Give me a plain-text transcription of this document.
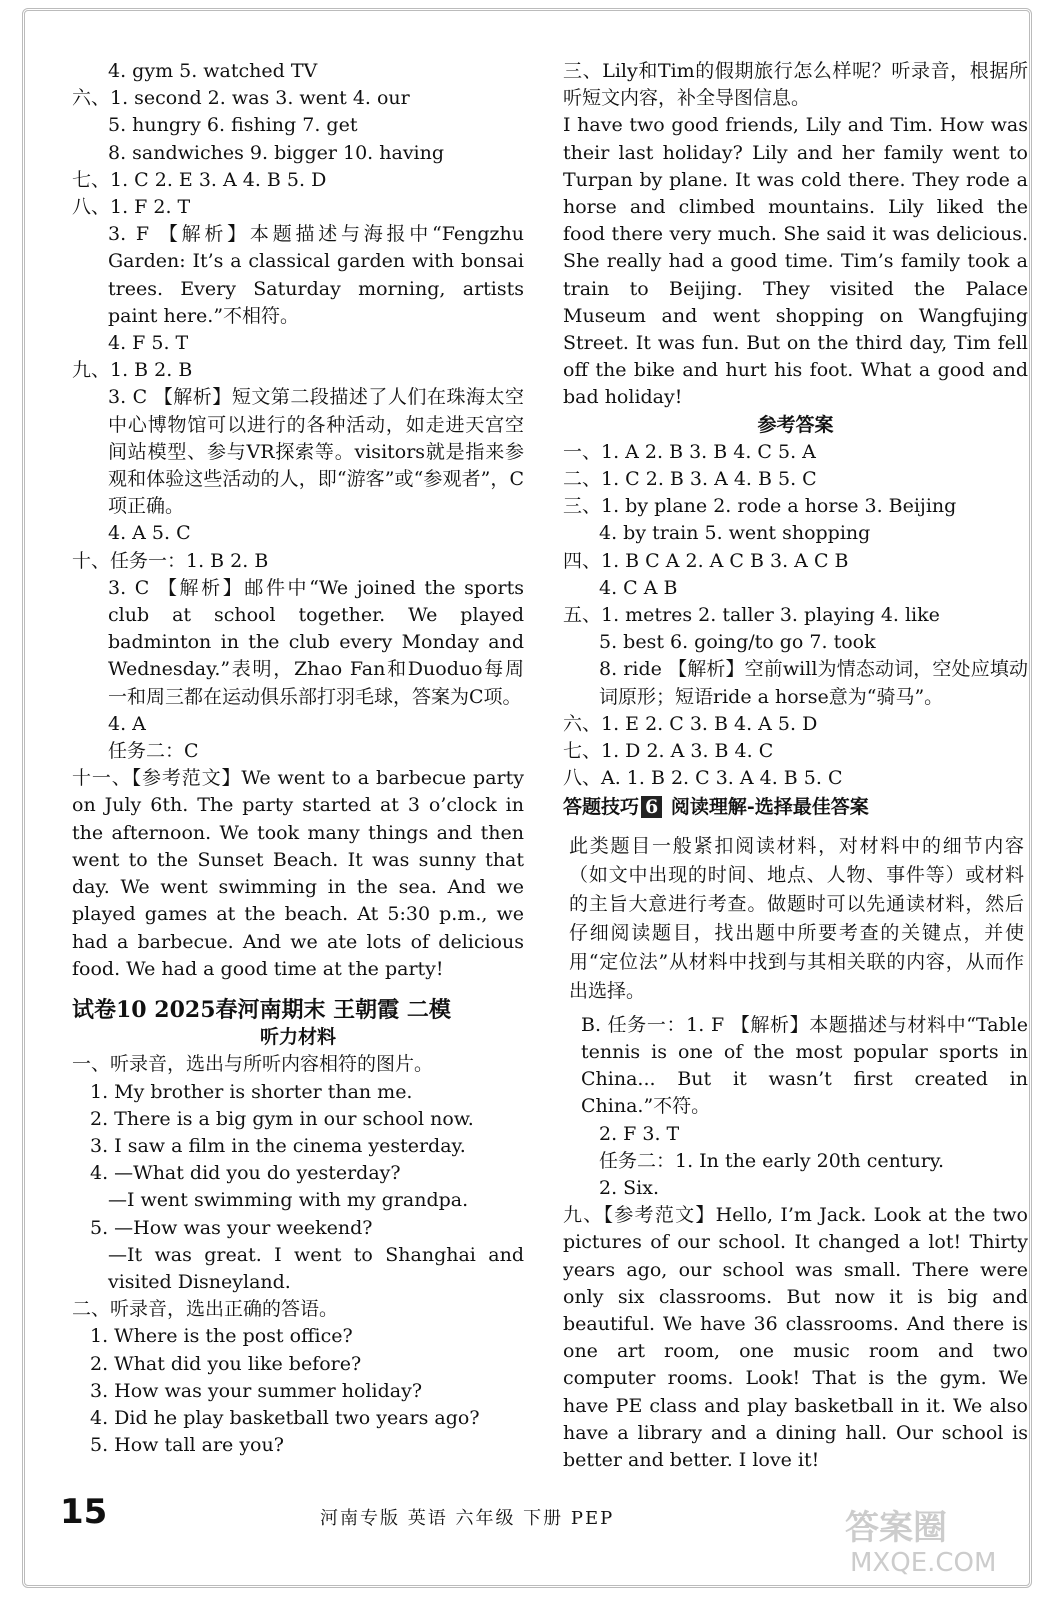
4. gym 5. watched TV
六、1. second 2. was 3. went 4. our
5. hungry 6. fishing 7. get
8. sandwiches 9. bigger 10. having
七、1. C 2. E 3. A 4. B 5. D
八、1. F 2. T
3. F 【解析】本题描述与海报中“Fengzhu Garden: It’s a classical garden with bonsai trees. Every Saturday morning, artists paint here.”不相符。
4. F 5. T
九、1. B 2. B
3. C 【解析】短文第二段描述了人们在珠海太空中心博物馆可以进行的各种活动，如走进天宫空间站模型、参与VR探索等。visitors就是指来参观和体验这些活动的人，即“游客”或“参观者”，C项正确。
4. A 5. C
十、任务一：1. B 2. B
3. C 【解析】邮件中“We joined the sports club at school together. We played badminton in the club every Monday and Wednesday.”表明，Zhao Fan和Duoduo每周一和周三都在运动俱乐部打羽毛球，答案为C项。
4. A
任务二：C
十一、【参考范文】We went to a barbecue party on July 6th. The party started at 3 o’clock in the afternoon. We took many things and then went to the Sunset Beach. It was sunny that day. We went swimming in the sea. And we played games at the beach. At 5:30 p.m., we had a barbecue. And we ate lots of delicious food. We had a good time at the party!
试卷10 2025春河南期末 王朝霞 二模
听力材料
一、听录音，选出与所听内容相符的图片。
1. My brother is shorter than me.
2. There is a big gym in our school now.
3. I saw a film in the cinema yesterday.
4. —What did you do yesterday?
—I went swimming with my grandpa.
5. —How was your weekend?
—It was great. I went to Shanghai and visited Disneyland.
二、听录音，选出正确的答语。
1. Where is the post office?
2. What did you like before?
3. How was your summer holiday?
4. Did he play basketball two years ago?
5. How tall are you?
三、Lily和Tim的假期旅行怎么样呢？听录音，根据所听短文内容，补全导图信息。
I have two good friends, Lily and Tim. How was their last holiday? Lily and her family went to Turpan by plane. It was cold there. They rode a horse and climbed mountains. Lily liked the food there very much. She said it was delicious. She really had a good time. Tim’s family took a train to Beijing. They visited the Palace Museum and went shopping on Wangfujing Street. It was fun. But on the third day, Tim fell off the bike and hurt his foot. What a good and bad holiday!
参考答案
一、1. A 2. B 3. B 4. C 5. A
二、1. C 2. B 3. A 4. B 5. C
三、1. by plane 2. rode a horse 3. Beijing
4. by train 5. went shopping
四、1. B C A 2. A C B 3. A C B
4. C A B
五、1. metres 2. taller 3. playing 4. like
5. best 6. going/to go 7. took
8. ride 【解析】空前will为情态动词，空处应填动词原形；短语ride a horse意为“骑马”。
六、1. E 2. C 3. B 4. A 5. D
七、1. D 2. A 3. B 4. C
八、A. 1. B 2. C 3. A 4. B 5. C
答题技巧 6 阅读理解-选择最佳答案
此类题目一般紧扣阅读材料，对材料中的细节内容（如文中出现的时间、地点、人物、事件等）或材料的主旨大意进行考查。做题时可以先通读材料，然后仔细阅读题目，找出题中所要考查的关键点，并使用“定位法”从材料中找到与其相关联的内容，从而作出选择。
B. 任务一：1. F 【解析】本题描述与材料中“Table tennis is one of the most popular sports in China... But it wasn’t first created in China.”不符。
2. F 3. T
任务二：1. In the early 20th century.
2. Six.
九、【参考范文】Hello, I’m Jack. Look at the two pictures of our school. It changed a lot! Thirty years ago, our school was small. There were only six classrooms. But now it is big and beautiful. We have 36 classrooms. And there is one art room, one music room and two computer rooms. Look! That is the gym. We have PE class and play basketball in it. We also have a library and a dining hall. Our school is better and better. I love it!
15	河南专版 英语 六年级 下册 PEP	答案圈
MXQE.COM
